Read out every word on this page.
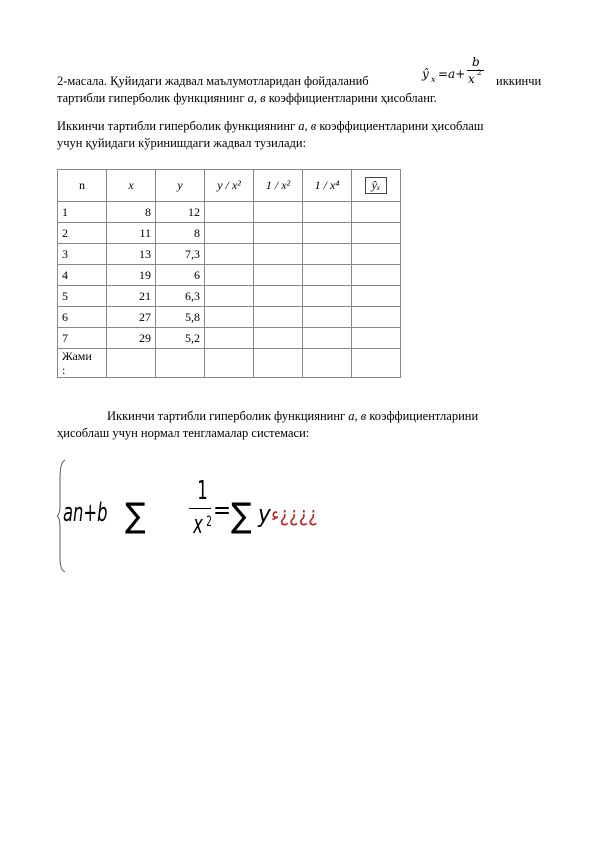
2-масала. Қуйидаги жадвал маълумотларидан фойдаланиб	ŷ x =a+
b
x 2
иккинчи
тартибли гиперболик функциянинг а, в коэффициентларини ҳисобланг.
Иккинчи тартибли гиперболик функциянинг а, в коэффициентларини ҳисоблаш
учун қуйидаги кўринишдаги жадвал тузилади:
n	x	y	y / x²	1 / x²	1 / x⁴	ŷₓ
1	8	12				
2	11	8				
3	13	7,3				
4	19	6				
5	21	6,3				
6	27	5,8				
7	29	5,2				
Жами
:						
Иккинчи тартибли гиперболик функциянинг а, в коэффициентларини
ҳисоблаш учун нормал тенгламалар системаси:
an+b ∑
1
x 2 = ∑ y ء¿¿¿¿
